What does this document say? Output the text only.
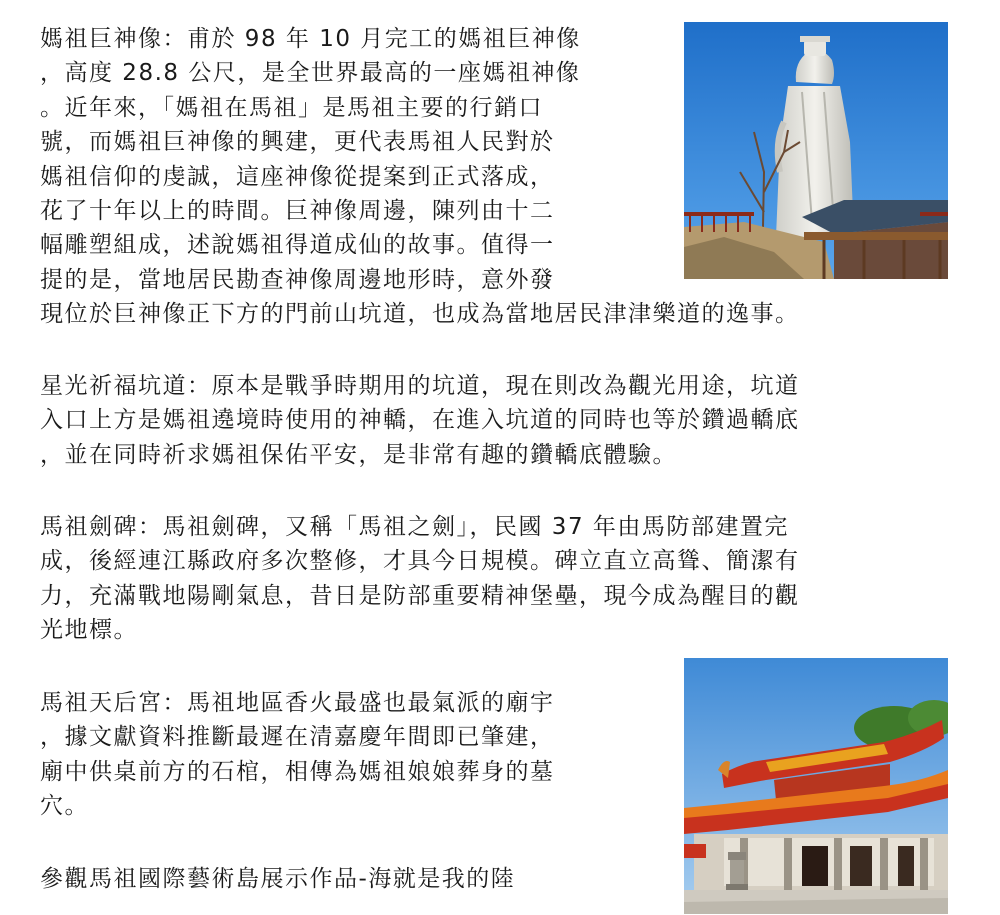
媽祖巨神像：甫於 98 年 10 月完工的媽祖巨神像
，高度 28.8 公尺，是全世界最高的一座媽祖神像
。近年來，「媽祖在馬祖」是馬祖主要的行銷口
號，而媽祖巨神像的興建，更代表馬祖人民對於
媽祖信仰的虔誠，這座神像從提案到正式落成，
花了十年以上的時間。巨神像周邊，陳列由十二
幅雕塑組成，述說媽祖得道成仙的故事。值得一
提的是，當地居民勘查神像周邊地形時，意外發
現位於巨神像正下方的門前山坑道，也成為當地居民津津樂道的逸事。
星光祈福坑道：原本是戰爭時期用的坑道，現在則改為觀光用途，坑道
入口上方是媽祖遶境時使用的神轎，在進入坑道的同時也等於鑽過轎底
，並在同時祈求媽祖保佑平安，是非常有趣的鑽轎底體驗。
馬祖劍碑：馬祖劍碑，又稱「馬祖之劍」，民國 37 年由馬防部建置完
成，後經連江縣政府多次整修，才具今日規模。碑立直立高聳、簡潔有
力，充滿戰地陽剛氣息，昔日是防部重要精神堡壘，現今成為醒目的觀
光地標。
馬祖天后宮：馬祖地區香火最盛也最氣派的廟宇
，據文獻資料推斷最遲在清嘉慶年間即已肇建，
廟中供桌前方的石棺，相傳為媽祖娘娘葬身的墓
穴。
參觀馬祖國際藝術島展示作品-海就是我的陸
